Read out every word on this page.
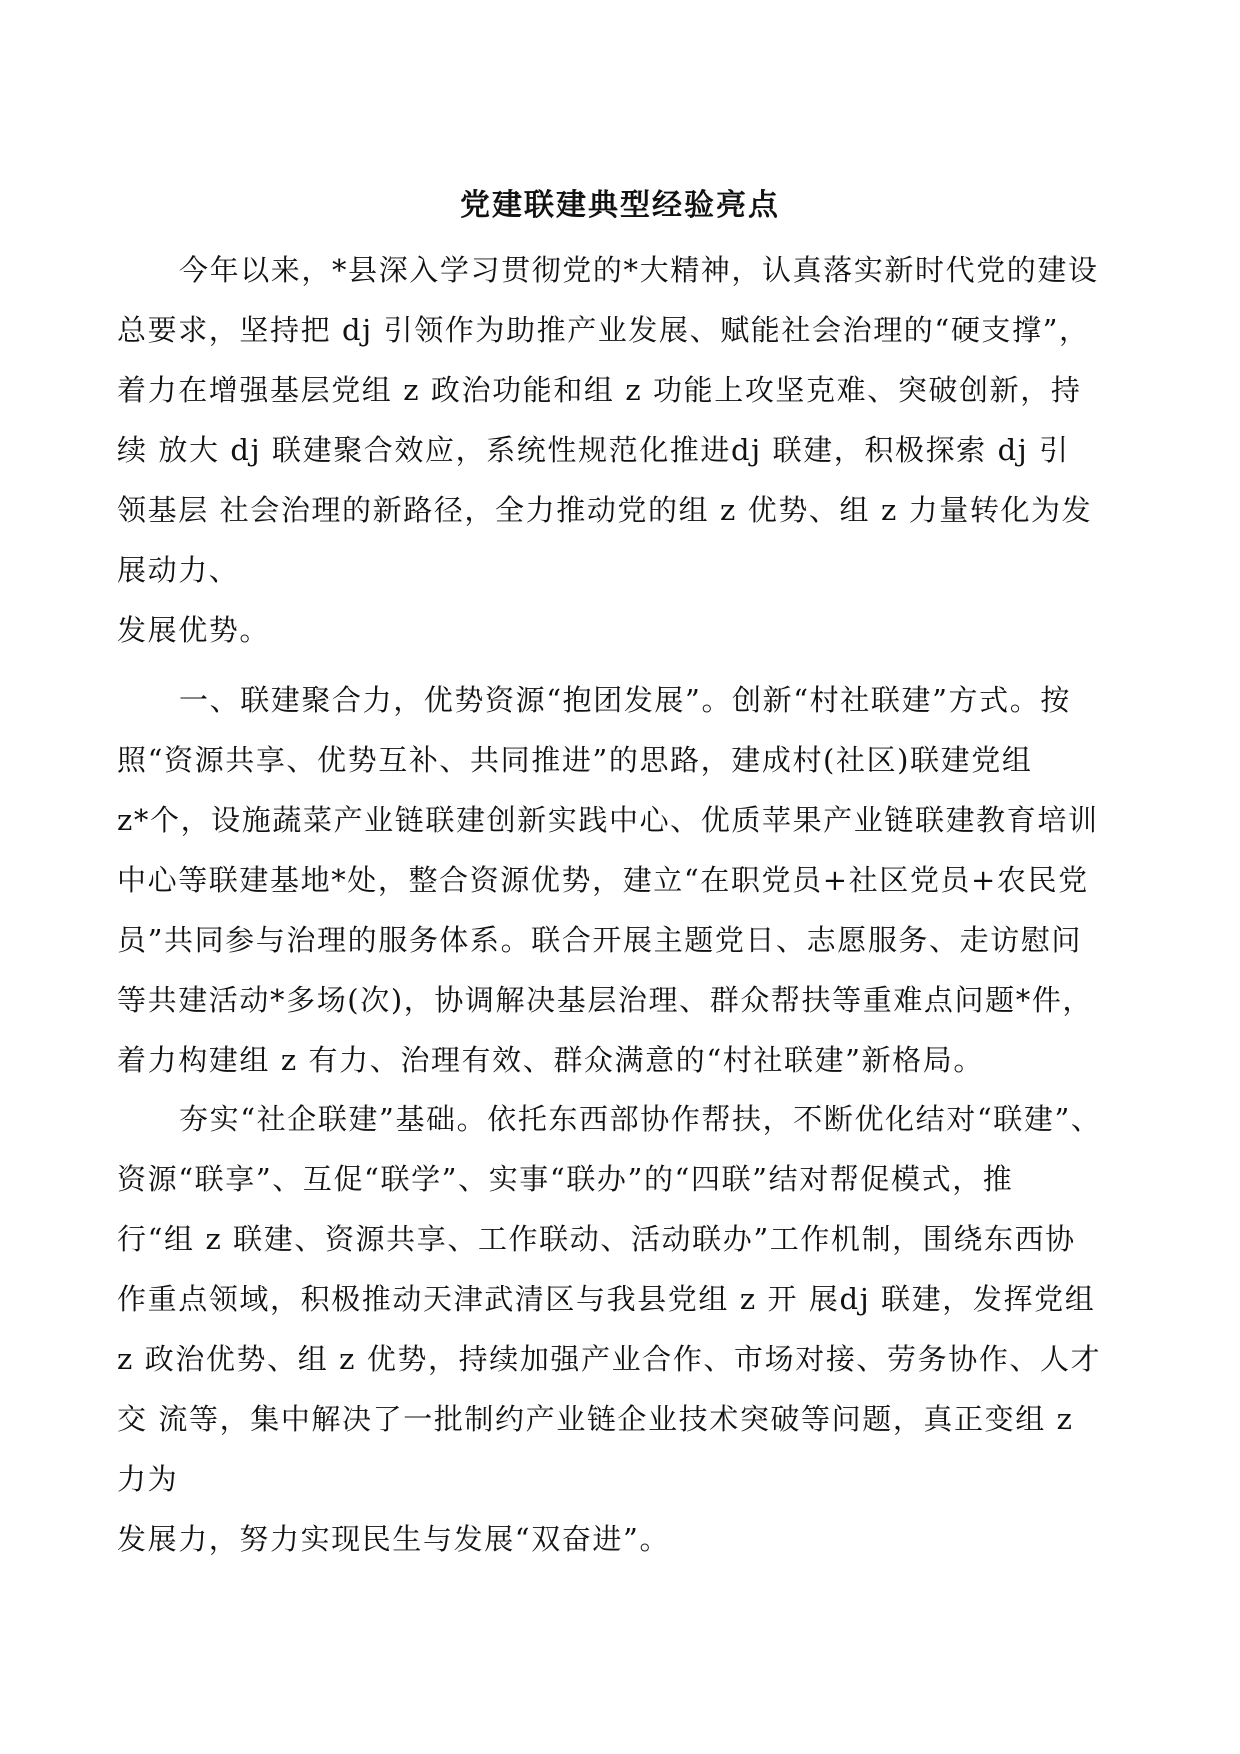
党建联建典型经验亮点
今年以来，*县深入学习贯彻党的*大精神，认真落实新时代党的建设
总要求，坚持把 dj 引领作为助推产业发展、赋能社会治理的“硬支撑”，
着力在增强基层党组 z 政治功能和组 z 功能上攻坚克难、突破创新，持
续 放大 dj 联建聚合效应，系统性规范化推进dj 联建，积极探索 dj 引
领基层 社会治理的新路径，全力推动党的组 z 优势、组 z 力量转化为发
展动力、
发展优势。
一、联建聚合力，优势资源“抱团发展”。创新“村社联建”方式。按
照“资源共享、优势互补、共同推进”的思路，建成村(社区)联建党组
z*个，设施蔬菜产业链联建创新实践中心、优质苹果产业链联建教育培训
中心等联建基地*处，整合资源优势，建立“在职党员+社区党员+农民党
员”共同参与治理的服务体系。联合开展主题党日、志愿服务、走访慰问
等共建活动*多场(次)，协调解决基层治理、群众帮扶等重难点问题*件，
着力构建组 z 有力、治理有效、群众满意的“村社联建”新格局。
夯实“社企联建”基础。依托东西部协作帮扶，不断优化结对“联建”、
资源“联享”、互促“联学”、实事“联办”的“四联”结对帮促模式，推
行“组 z 联建、资源共享、工作联动、活动联办”工作机制，围绕东西协
作重点领域，积极推动天津武清区与我县党组 z 开 展dj 联建，发挥党组
z 政治优势、组 z 优势，持续加强产业合作、市场对接、劳务协作、人才
交 流等，集中解决了一批制约产业链企业技术突破等问题，真正变组 z
力为
发展力，努力实现民生与发展“双奋进”。
